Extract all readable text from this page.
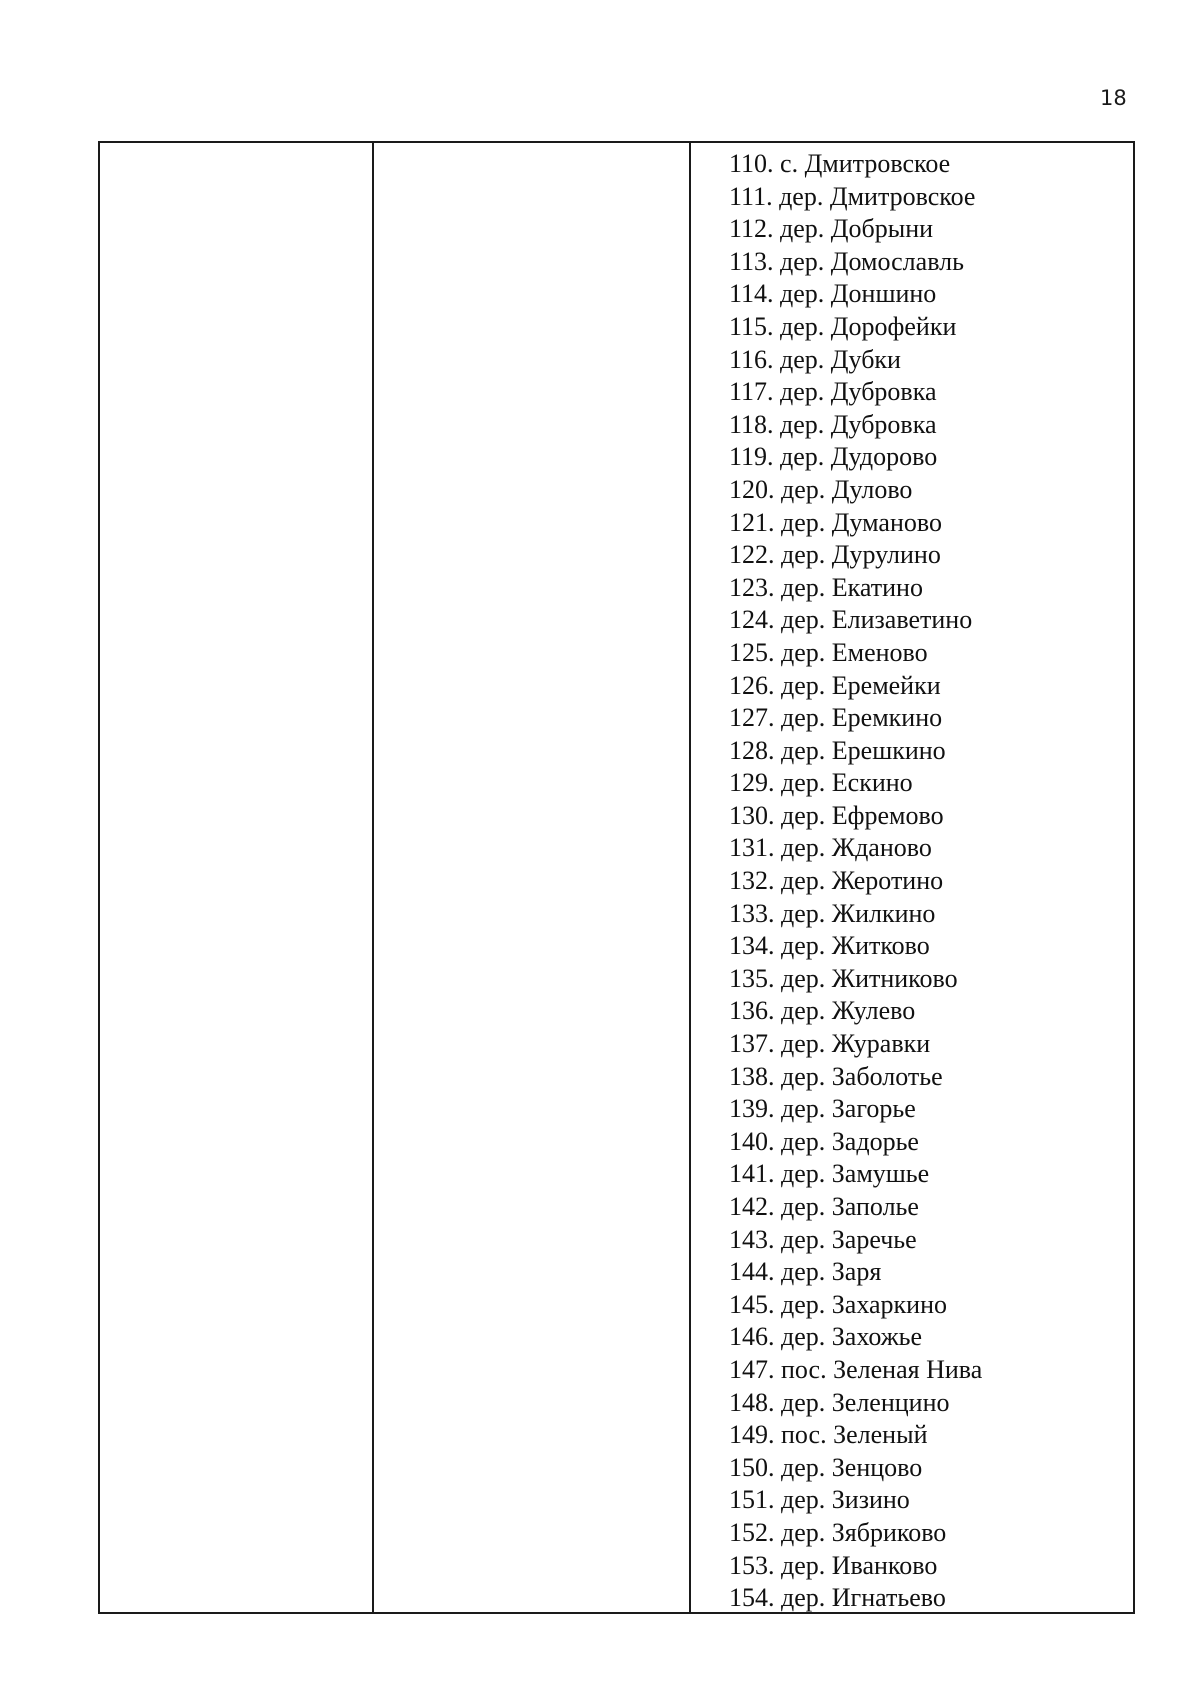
18
110. с. Дмитровское
111. дер. Дмитровское
112. дер. Добрыни
113. дер. Домославль
114. дер. Доншино
115. дер. Дорофейки
116. дер. Дубки
117. дер. Дубровка
118. дер. Дубровка
119. дер. Дудорово
120. дер. Дулово
121. дер. Думаново
122. дер. Дурулино
123. дер. Екатино
124. дер. Елизаветино
125. дер. Еменово
126. дер. Еремейки
127. дер. Еремкино
128. дер. Ерешкино
129. дер. Ескино
130. дер. Ефремово
131. дер. Жданово
132. дер. Жеротино
133. дер. Жилкино
134. дер. Житково
135. дер. Житниково
136. дер. Жулево
137. дер. Журавки
138. дер. Заболотье
139. дер. Загорье
140. дер. Задорье
141. дер. Замушье
142. дер. Заполье
143. дер. Заречье
144. дер. Заря
145. дер. Захаркино
146. дер. Захожье
147. пос. Зеленая Нива
148. дер. Зеленцино
149. пос. Зеленый
150. дер. Зенцово
151. дер. Зизино
152. дер. Зябриково
153. дер. Иванково
154. дер. Игнатьево
